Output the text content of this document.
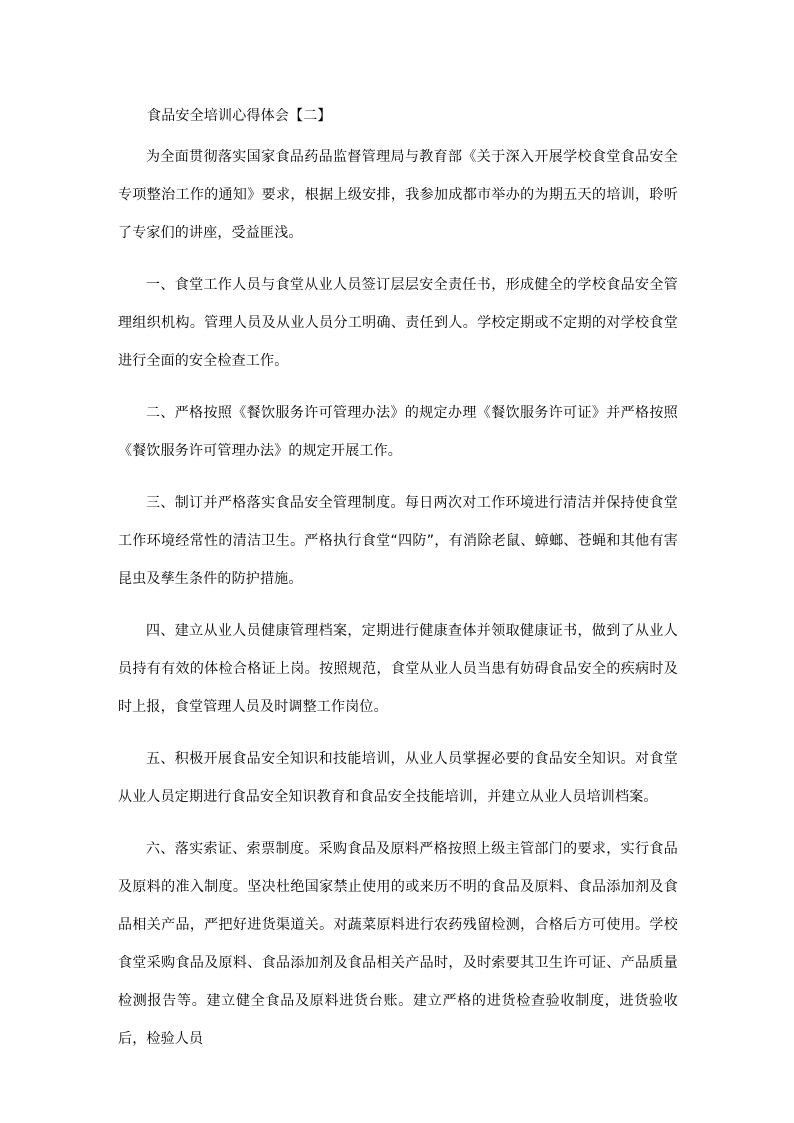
食品安全培训心得体会【二】

为全面贯彻落实国家食品药品监督管理局与教育部《关于深入开展学校食堂食品安全专项整治工作的通知》要求，根据上级安排，我参加成都市举办的为期五天的培训，聆听了专家们的讲座，受益匪浅。

一、食堂工作人员与食堂从业人员签订层层安全责任书，形成健全的学校食品安全管理组织机构。管理人员及从业人员分工明确、责任到人。学校定期或不定期的对学校食堂进行全面的安全检查工作。

二、严格按照《餐饮服务许可管理办法》的规定办理《餐饮服务许可证》并严格按照《餐饮服务许可管理办法》的规定开展工作。

三、制订并严格落实食品安全管理制度。每日两次对工作环境进行清洁并保持使食堂工作环境经常性的清洁卫生。严格执行食堂“四防”，有消除老鼠、蟑螂、苍蝇和其他有害昆虫及孳生条件的防护措施。

四、建立从业人员健康管理档案，定期进行健康查体并领取健康证书，做到了从业人员持有有效的体检合格证上岗。按照规范，食堂从业人员当患有妨碍食品安全的疾病时及时上报，食堂管理人员及时调整工作岗位。

五、积极开展食品安全知识和技能培训，从业人员掌握必要的食品安全知识。对食堂从业人员定期进行食品安全知识教育和食品安全技能培训，并建立从业人员培训档案。

六、落实索证、索票制度。采购食品及原料严格按照上级主管部门的要求，实行食品及原料的准入制度。坚决杜绝国家禁止使用的或来历不明的食品及原料、食品添加剂及食品相关产品，严把好进货渠道关。对蔬菜原料进行农药残留检测，合格后方可使用。学校食堂采购食品及原料、食品添加剂及食品相关产品时，及时索要其卫生许可证、产品质量检测报告等。建立健全食品及原料进货台账。建立严格的进货检查验收制度，进货验收后，检验人员
